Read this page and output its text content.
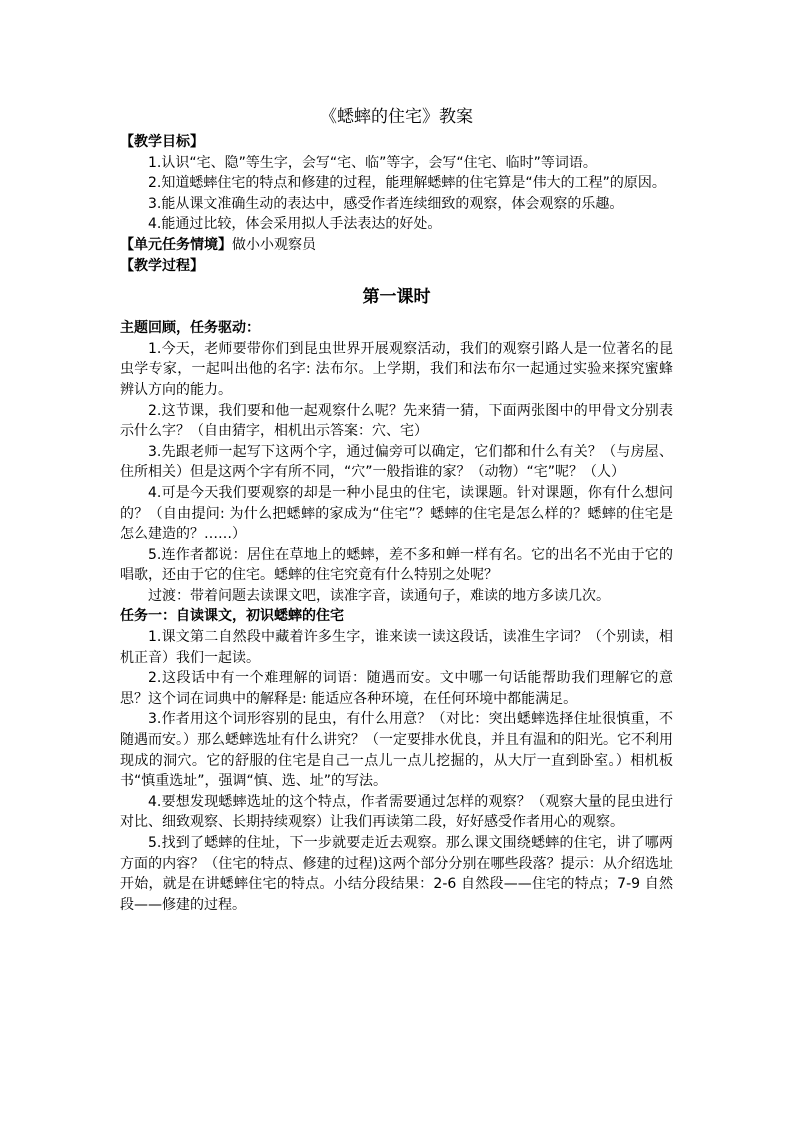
《蟋蟀的住宅》教案

【教学目标】

1.认识“宅、隐”等生字，会写“宅、临”等字，会写“住宅、临时”等词语。

2.知道蟋蟀住宅的特点和修建的过程，能理解蟋蟀的住宅算是“伟大的工程”的原因。

3.能从课文准确生动的表达中，感受作者连续细致的观察，体会观察的乐趣。

4.能通过比较，体会采用拟人手法表达的好处。

【单元任务情境】做小小观察员

【教学过程】

第一课时

主题回顾，任务驱动：

1.今天，老师要带你们到昆虫世界开展观察活动，我们的观察引路人是一位著名的昆虫学专家，一起叫出他的名字: 法布尔。上学期，我们和法布尔一起通过实验来探究蜜蜂辨认方向的能力。

2.这节课，我们要和他一起观察什么呢？先来猜一猜，下面两张图中的甲骨文分别表示什么字？（自由猜字，相机出示答案：穴、宅）

3.先跟老师一起写下这两个字，通过偏旁可以确定，它们都和什么有关？（与房屋、住所相关）但是这两个字有所不同，“穴”一般指谁的家？（动物）“宅”呢？（人）

4.可是今天我们要观察的却是一种小昆虫的住宅，读课题。针对课题，你有什么想问的？（自由提问: 为什么把蟋蟀的家成为“住宅”？蟋蟀的住宅是怎么样的？蟋蟀的住宅是怎么建造的？……）

5.连作者都说：居住在草地上的蟋蟀，差不多和蝉一样有名。它的出名不光由于它的唱歌，还由于它的住宅。蟋蟀的住宅究竟有什么特别之处呢？

过渡：带着问题去读课文吧，读准字音，读通句子，难读的地方多读几次。

任务一：自读课文，初识蟋蟀的住宅

1.课文第二自然段中藏着许多生字，谁来读一读这段话，读准生字词？（个别读，相机正音）我们一起读。

2.这段话中有一个难理解的词语：随遇而安。文中哪一句话能帮助我们理解它的意思？这个词在词典中的解释是: 能适应各种环境，在任何环境中都能满足。

3.作者用这个词形容别的昆虫，有什么用意？（对比：突出蟋蟀选择住址很慎重，不随遇而安。）那么蟋蟀选址有什么讲究？（一定要排水优良，并且有温和的阳光。它不利用现成的洞穴。它的舒服的住宅是自己一点儿一点儿挖掘的，从大厅一直到卧室。）相机板书“慎重选址”，强调“慎、选、址”的写法。

4.要想发现蟋蟀选址的这个特点，作者需要通过怎样的观察？（观察大量的昆虫进行对比、细致观察、长期持续观察）让我们再读第二段，好好感受作者用心的观察。

5.找到了蟋蟀的住址，下一步就要走近去观察。那么课文围绕蟋蟀的住宅，讲了哪两方面的内容？（住宅的特点、修建的过程)这两个部分分别在哪些段落？提示：从介绍选址开始，就是在讲蟋蟀住宅的特点。小结分段结果：2-6 自然段——住宅的特点；7-9 自然段——修建的过程。
